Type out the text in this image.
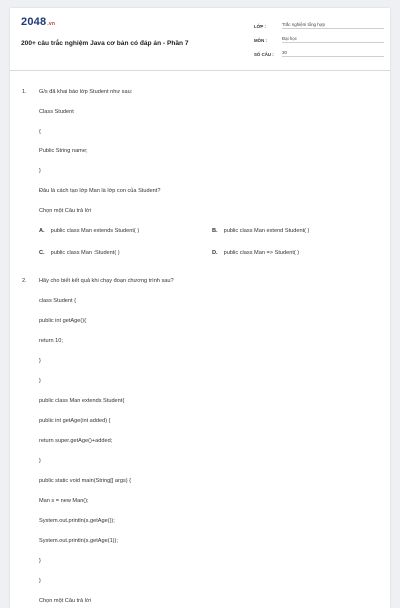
2048.vn
200+ câu trắc nghiệm Java cơ bản có đáp án - Phần 7
LỚP :	Trắc nghiệm tổng hợp
MÔN :	Đại học
SỐ CÂU :	30
1. G/s đã khai báo lớp Student như sau:
Class Student
{
Public String name;
}
Đâu là cách tạo lớp Man là lớp con của Student?
Chọn một Câu trả lời
A. public class Man extends Student( )	B. public class Man extend Student( )
C. public class Man :Student( )	D. public class Man => Student( )
2. Hãy cho biết kết quả khi chạy đoạn chương trình sau?
class Student {
public int getAge(){
return 10;
}
}
public class Man extends Student{
public int getAge(int added) {
return super.getAge()+added;
}
public static void main(String[] args) {
Man s = new Man();
System.out.println(s.getAge());
System.out.println(s.getAge(1));
}
}
Chọn một Câu trả lời
